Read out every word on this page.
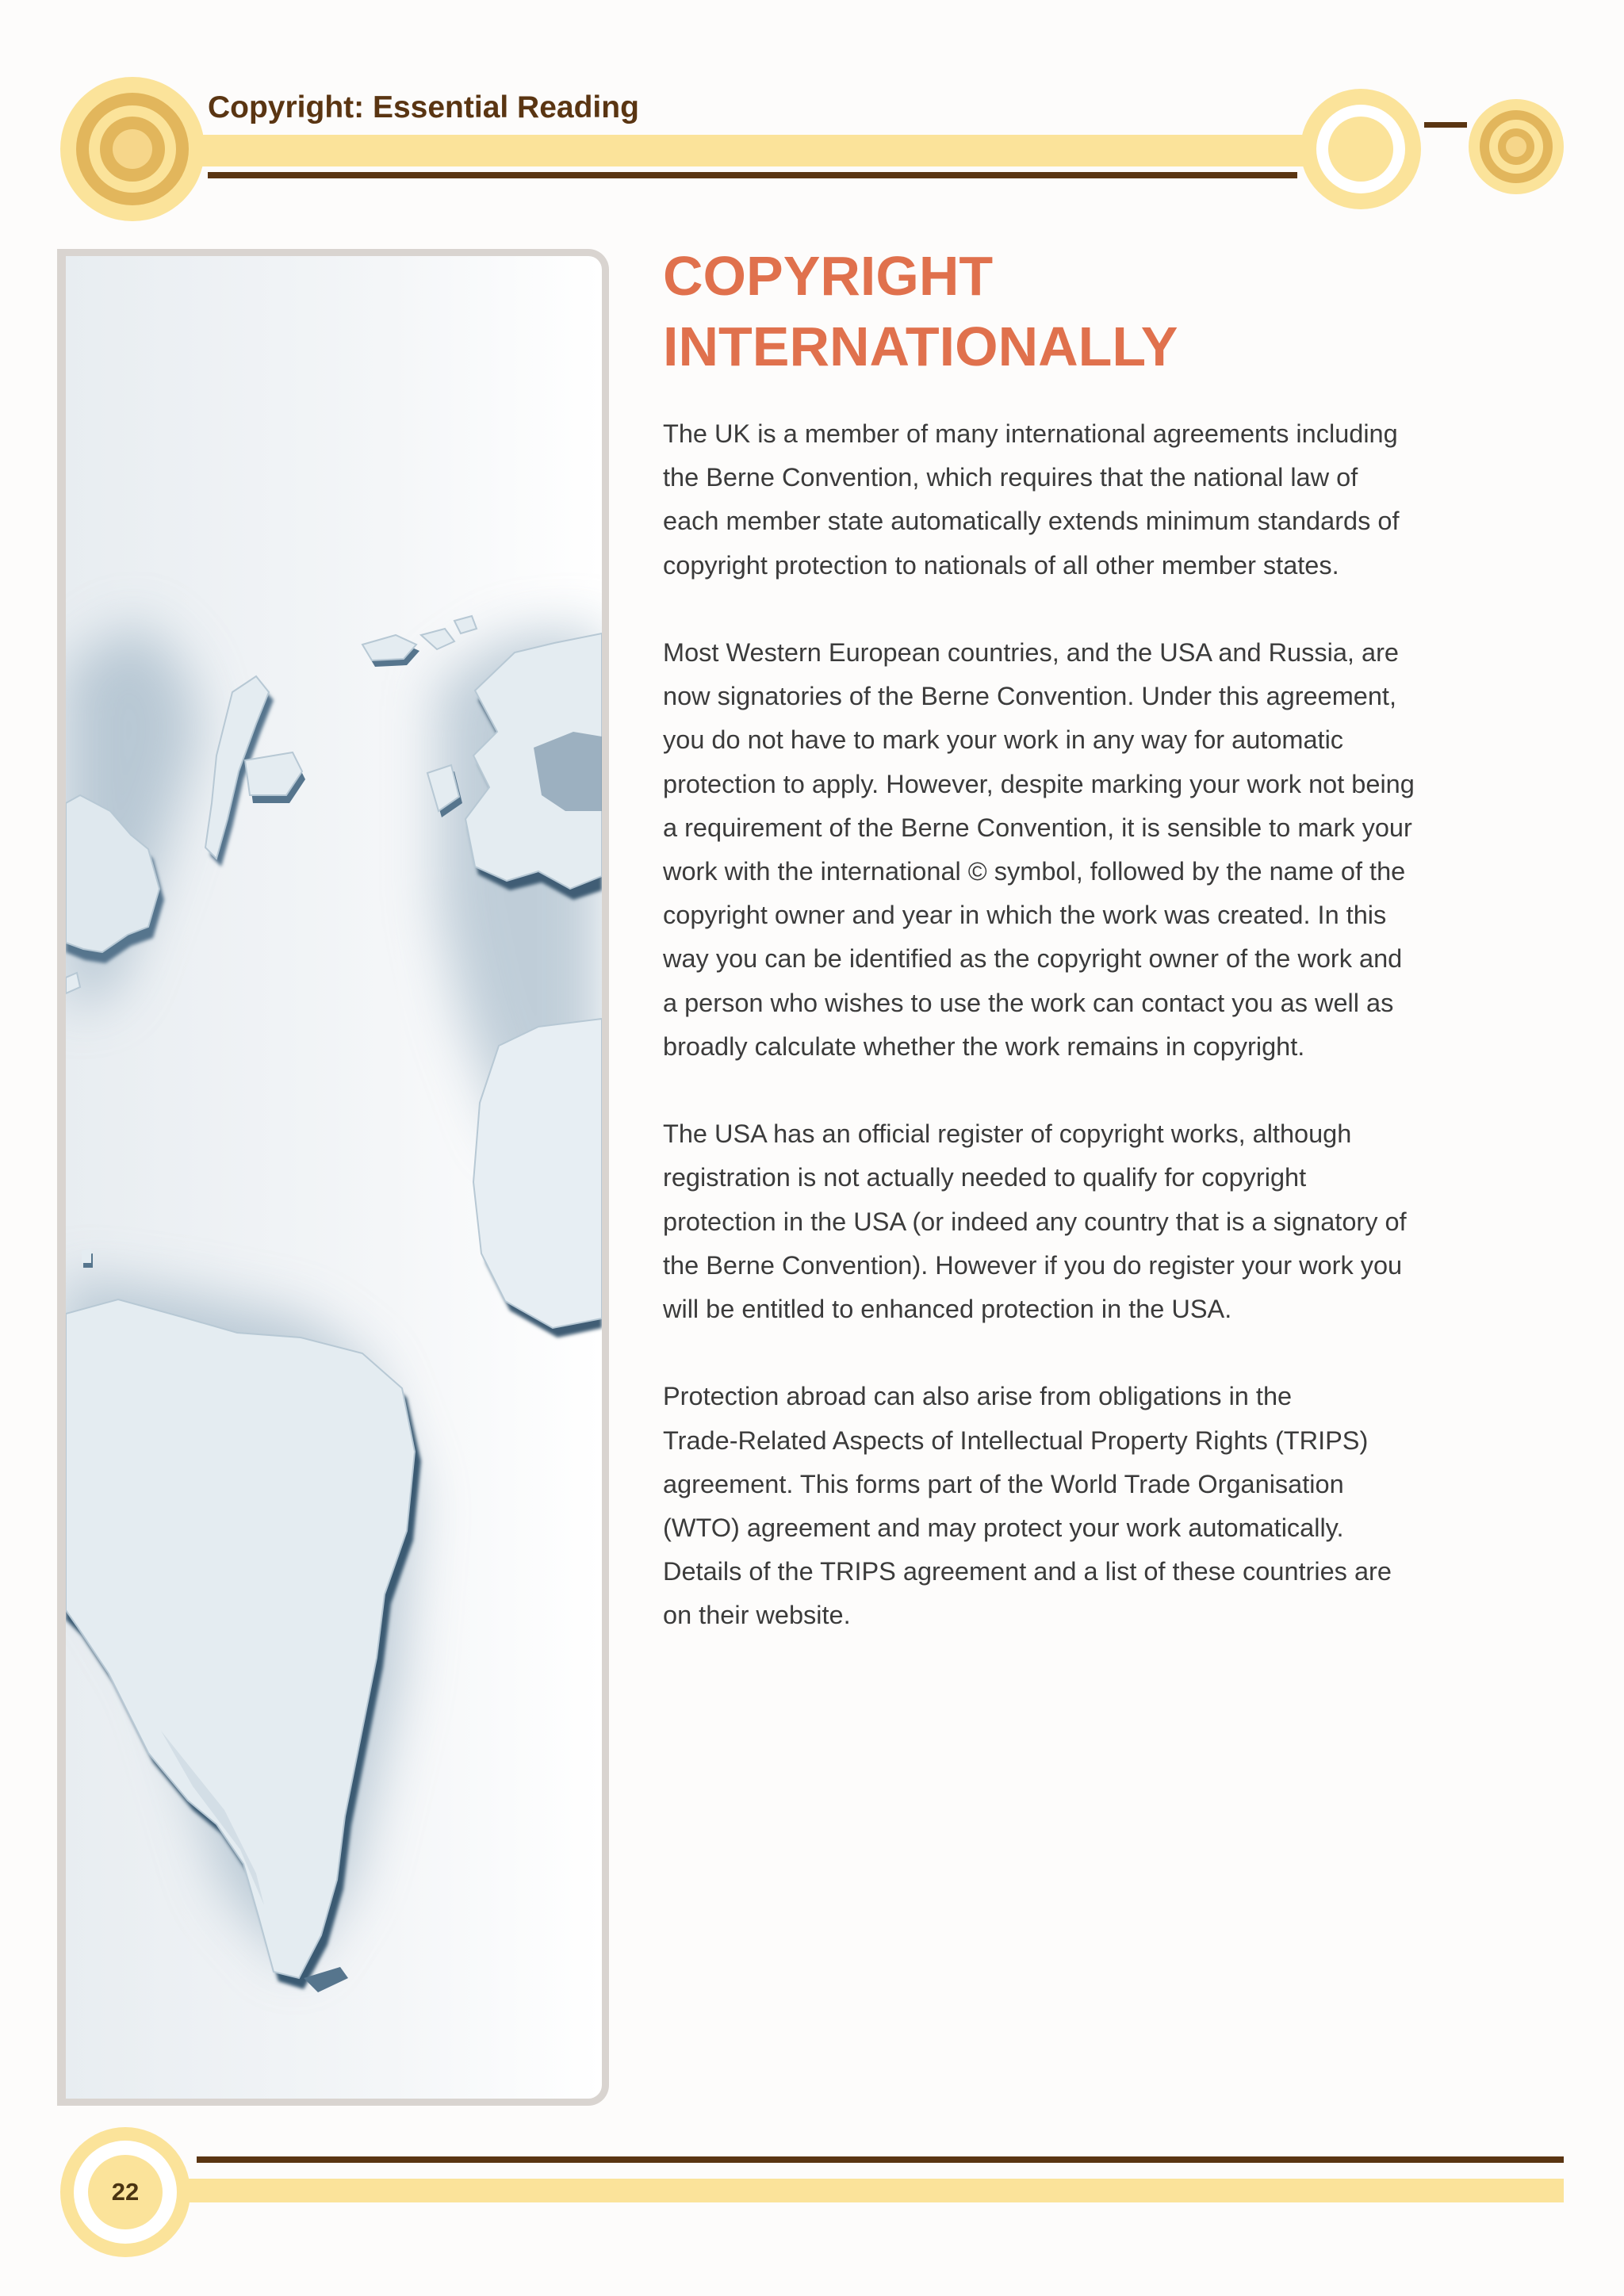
Copyright: Essential Reading
COPYRIGHT
INTERNATIONALLY

The UK is a member of many international agreements including
the Berne Convention, which requires that the national law of
each member state automatically extends minimum standards of
copyright protection to nationals of all other member states.

Most Western European countries, and the USA and Russia, are
now signatories of the Berne Convention. Under this agreement,
you do not have to mark your work in any way for automatic
protection to apply. However, despite marking your work not being
a requirement of the Berne Convention, it is sensible to mark your
work with the international © symbol, followed by the name of the
copyright owner and year in which the work was created. In this
way you can be identified as the copyright owner of the work and
a person who wishes to use the work can contact you as well as
broadly calculate whether the work remains in copyright.

The USA has an official register of copyright works, although
registration is not actually needed to qualify for copyright
protection in the USA (or indeed any country that is a signatory of
the Berne Convention). However if you do register your work you
will be entitled to enhanced protection in the USA.

Protection abroad can also arise from obligations in the
Trade-Related Aspects of Intellectual Property Rights (TRIPS)
agreement. This forms part of the World Trade Organisation
(WTO) agreement and may protect your work automatically.
Details of the TRIPS agreement and a list of these countries are
on their website.

22
